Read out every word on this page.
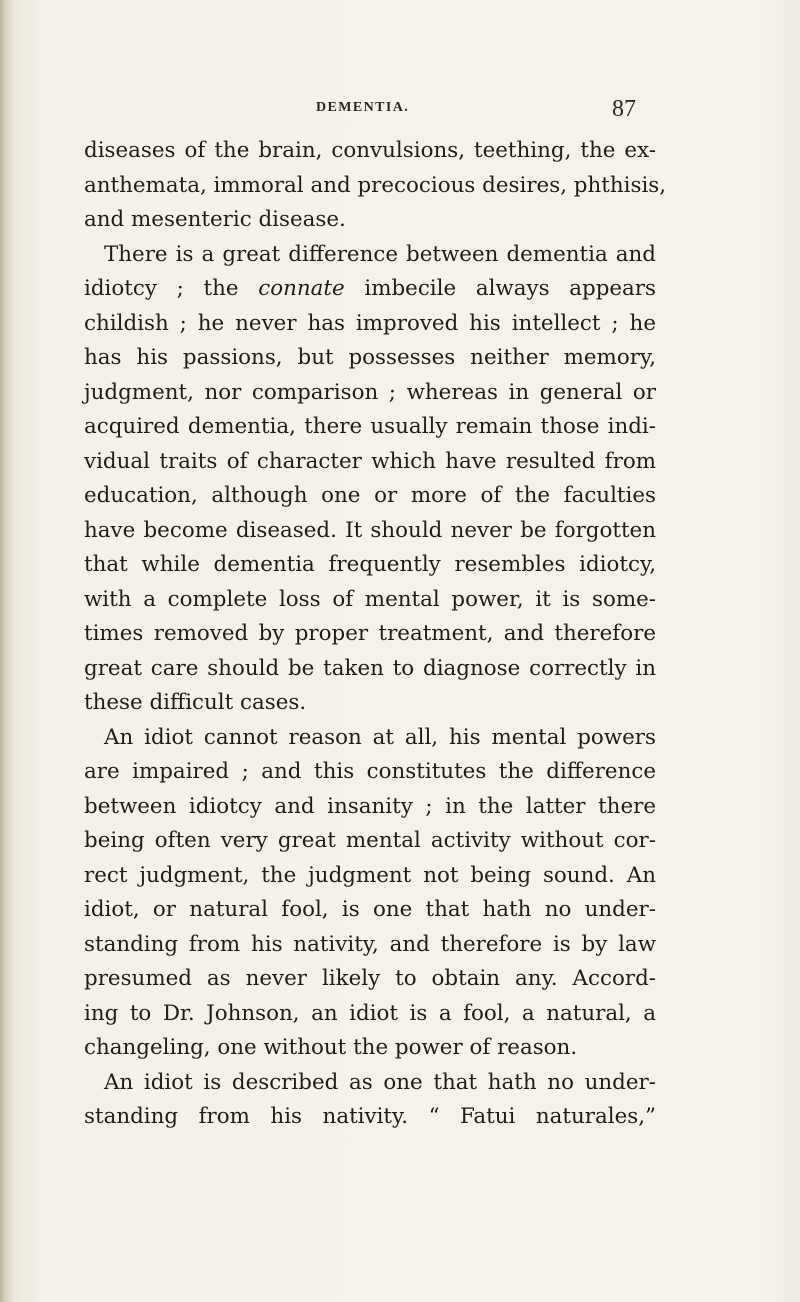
DEMENTIA.	87
diseases of the brain, convulsions, teething, the ex-
anthemata, immoral and precocious desires, phthisis,
and mesenteric disease.
There is a great difference between dementia and
idiotcy ; the connate imbecile always appears
childish ; he never has improved his intellect ; he
has his passions, but possesses neither memory,
judgment, nor comparison ; whereas in general or
acquired dementia, there usually remain those indi-
vidual traits of character which have resulted from
education, although one or more of the faculties
have become diseased. It should never be forgotten
that while dementia frequently resembles idiotcy,
with a complete loss of mental power, it is some-
times removed by proper treatment, and therefore
great care should be taken to diagnose correctly in
these difficult cases.
An idiot cannot reason at all, his mental powers
are impaired ; and this constitutes the difference
between idiotcy and insanity ; in the latter there
being often very great mental activity without cor-
rect judgment, the judgment not being sound. An
idiot, or natural fool, is one that hath no under-
standing from his nativity, and therefore is by law
presumed as never likely to obtain any. Accord-
ing to Dr. Johnson, an idiot is a fool, a natural, a
changeling, one without the power of reason.
An idiot is described as one that hath no under-
standing from his nativity. “ Fatui naturales,”
